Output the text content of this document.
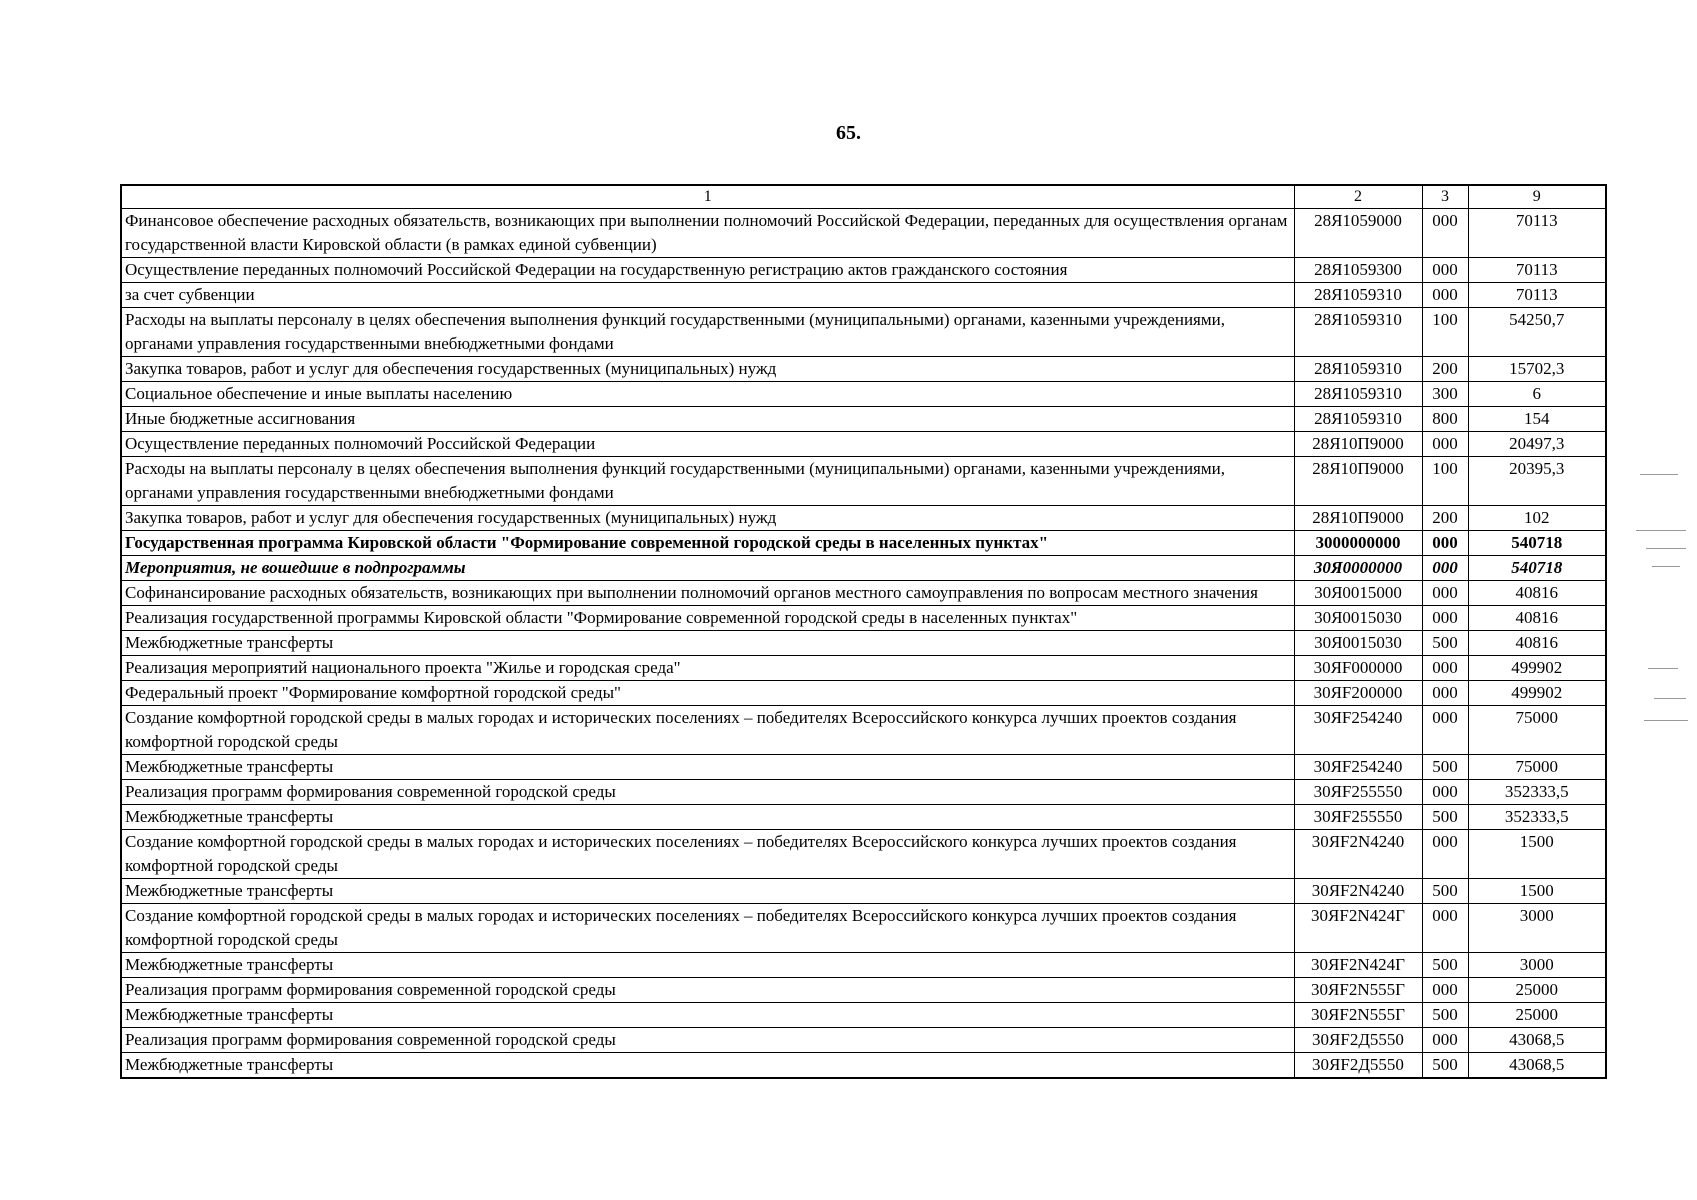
65.
1	2	3	9
Финансовое обеспечение расходных обязательств, возникающих при выполнении полномочий Российской Федерации, переданных для осуществления органам государственной власти Кировской области (в рамках единой субвенции)	28Я1059000	000	70113
Осуществление переданных полномочий Российской Федерации на государственную регистрацию актов гражданского состояния	28Я1059300	000	70113
за счет субвенции	28Я1059310	000	70113
Расходы на выплаты персоналу в целях обеспечения выполнения функций государственными (муниципальными) органами, казенными учреждениями, органами управления государственными внебюджетными фондами	28Я1059310	100	54250,7
Закупка товаров, работ и услуг для обеспечения государственных (муниципальных) нужд	28Я1059310	200	15702,3
Социальное обеспечение и иные выплаты населению	28Я1059310	300	6
Иные бюджетные ассигнования	28Я1059310	800	154
Осуществление переданных полномочий Российской Федерации	28Я10П9000	000	20497,3
Расходы на выплаты персоналу в целях обеспечения выполнения функций государственными (муниципальными) органами, казенными учреждениями, органами управления государственными внебюджетными фондами	28Я10П9000	100	20395,3
Закупка товаров, работ и услуг для обеспечения государственных (муниципальных) нужд	28Я10П9000	200	102
Государственная программа Кировской области "Формирование современной городской среды в населенных пунктах"	3000000000	000	540718
Мероприятия, не вошедшие в подпрограммы	30Я0000000	000	540718
Софинансирование расходных обязательств, возникающих при выполнении полномочий органов местного самоуправления по вопросам местного значения	30Я0015000	000	40816
Реализация государственной программы Кировской области "Формирование современной городской среды в населенных пунктах"	30Я0015030	000	40816
Межбюджетные трансферты	30Я0015030	500	40816
Реализация мероприятий национального проекта "Жилье и городская среда"	30ЯF000000	000	499902
Федеральный проект "Формирование комфортной городской среды"	30ЯF200000	000	499902
Создание комфортной городской среды в малых городах и исторических поселениях – победителях Всероссийского конкурса лучших проектов создания комфортной городской среды	30ЯF254240	000	75000
Межбюджетные трансферты	30ЯF254240	500	75000
Реализация программ формирования современной городской среды	30ЯF255550	000	352333,5
Межбюджетные трансферты	30ЯF255550	500	352333,5
Создание комфортной городской среды в малых городах и исторических поселениях – победителях Всероссийского конкурса лучших проектов создания комфортной городской среды	30ЯF2N4240	000	1500
Межбюджетные трансферты	30ЯF2N4240	500	1500
Создание комфортной городской среды в малых городах и исторических поселениях – победителях Всероссийского конкурса лучших проектов создания комфортной городской среды	30ЯF2N424Г	000	3000
Межбюджетные трансферты	30ЯF2N424Г	500	3000
Реализация программ формирования современной городской среды	30ЯF2N555Г	000	25000
Межбюджетные трансферты	30ЯF2N555Г	500	25000
Реализация программ формирования современной городской среды	30ЯF2Д5550	000	43068,5
Межбюджетные трансферты	30ЯF2Д5550	500	43068,5
